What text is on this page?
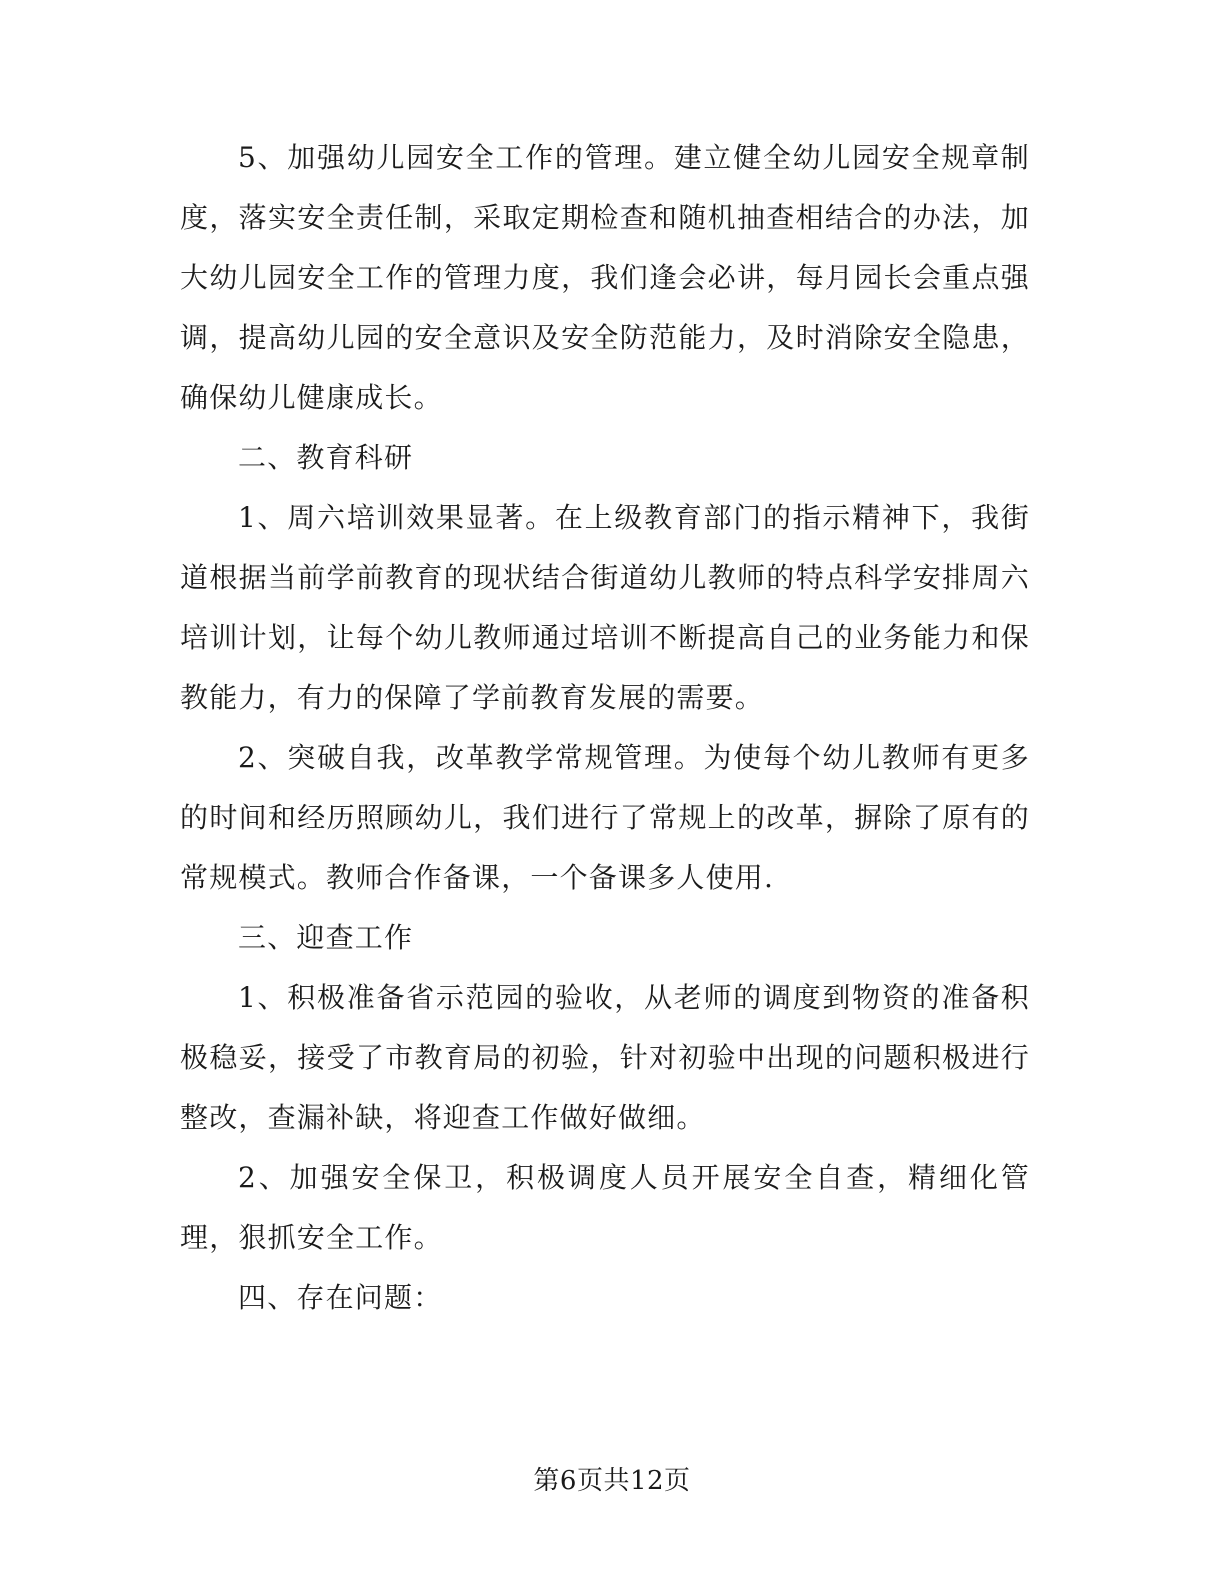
5、加强幼儿园安全工作的管理。建立健全幼儿园安全规章制度，落实安全责任制，采取定期检查和随机抽查相结合的办法，加大幼儿园安全工作的管理力度，我们逢会必讲，每月园长会重点强调，提高幼儿园的安全意识及安全防范能力，及时消除安全隐患，确保幼儿健康成长。

二、教育科研

1、周六培训效果显著。在上级教育部门的指示精神下，我街道根据当前学前教育的现状结合街道幼儿教师的特点科学安排周六培训计划，让每个幼儿教师通过培训不断提高自己的业务能力和保教能力，有力的保障了学前教育发展的需要。

2、突破自我，改革教学常规管理。为使每个幼儿教师有更多的时间和经历照顾幼儿，我们进行了常规上的改革，摒除了原有的常规模式。教师合作备课，一个备课多人使用.

三、迎查工作

1、积极准备省示范园的验收，从老师的调度到物资的准备积极稳妥，接受了市教育局的初验，针对初验中出现的问题积极进行整改，查漏补缺，将迎查工作做好做细。

2、加强安全保卫，积极调度人员开展安全自查，精细化管理，狠抓安全工作。

四、存在问题：

第6页共12页
